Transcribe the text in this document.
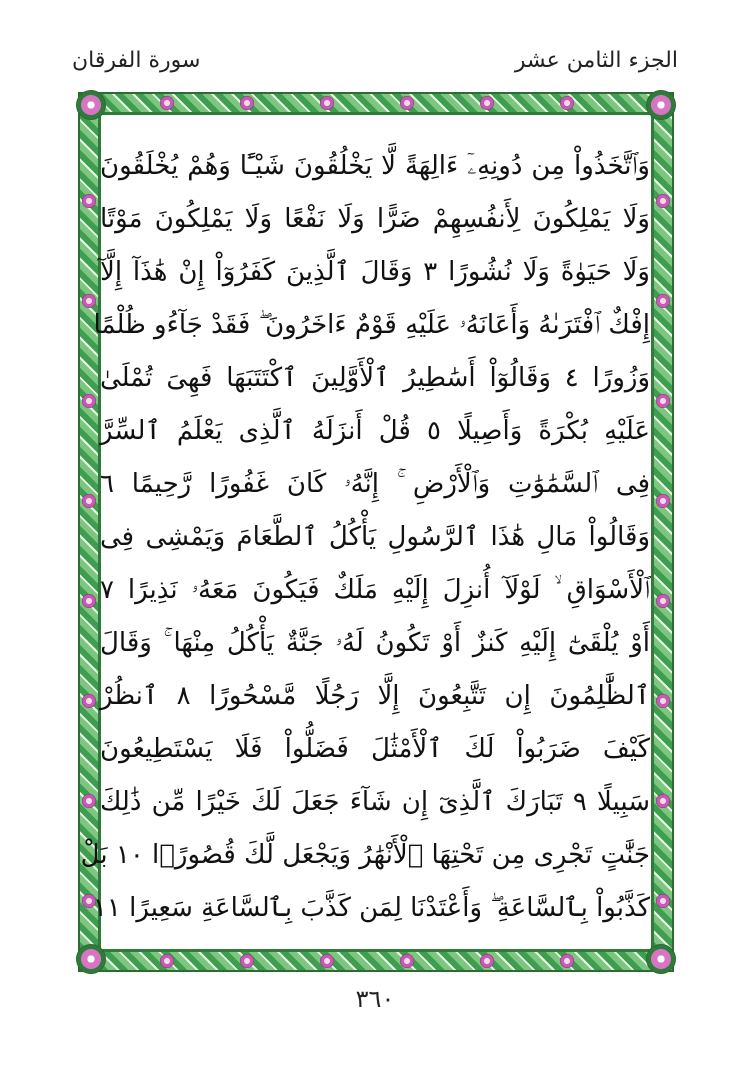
الجزء الثامن عشر
سورة الفرقان
وَٱتَّخَذُواْ مِن دُونِهِۦٓ ءَالِهَةً لَّا يَخْلُقُونَ شَيْـًٔا وَهُمْ يُخْلَقُونَ
وَلَا يَمْلِكُونَ لِأَنفُسِهِمْ ضَرًّا وَلَا نَفْعًا وَلَا يَمْلِكُونَ مَوْتًا
وَلَا حَيَوٰةً وَلَا نُشُورًا ٣ وَقَالَ ٱلَّذِينَ كَفَرُوٓاْ إِنْ هَٰذَآ إِلَّآ
إِفْكٌ ٱفْتَرَىٰهُ وَأَعَانَهُۥ عَلَيْهِ قَوْمٌ ءَاخَرُونَ ۖ فَقَدْ جَآءُو ظُلْمًا
وَزُورًا ٤ وَقَالُوٓاْ أَسَٰطِيرُ ٱلْأَوَّلِينَ ٱكْتَتَبَهَا فَهِىَ تُمْلَىٰ
عَلَيْهِ بُكْرَةً وَأَصِيلًا ٥ قُلْ أَنزَلَهُ ٱلَّذِى يَعْلَمُ ٱلسِّرَّ
فِى ٱلسَّمَٰوَٰتِ وَٱلْأَرْضِ ۚ إِنَّهُۥ كَانَ غَفُورًا رَّحِيمًا ٦
وَقَالُواْ مَالِ هَٰذَا ٱلرَّسُولِ يَأْكُلُ ٱلطَّعَامَ وَيَمْشِى فِى
ٱلْأَسْوَاقِ ۙ لَوْلَآ أُنزِلَ إِلَيْهِ مَلَكٌ فَيَكُونَ مَعَهُۥ نَذِيرًا ٧
أَوْ يُلْقَىٰٓ إِلَيْهِ كَنزٌ أَوْ تَكُونُ لَهُۥ جَنَّةٌ يَأْكُلُ مِنْهَا ۚ وَقَالَ
ٱلظَّٰلِمُونَ إِن تَتَّبِعُونَ إِلَّا رَجُلًا مَّسْحُورًا ٨ ٱنظُرْ
كَيْفَ ضَرَبُواْ لَكَ ٱلْأَمْثَٰلَ فَضَلُّواْ فَلَا يَسْتَطِيعُونَ
سَبِيلًا ٩ تَبَارَكَ ٱلَّذِىٓ إِن شَآءَ جَعَلَ لَكَ خَيْرًا مِّن ذَٰلِكَ
جَنَّٰتٍ تَجْرِى مِن تَحْتِهَا ٱلْأَنْهَٰرُ وَيَجْعَل لَّكَ قُصُورًۢا ١٠ بَلْ
كَذَّبُواْ بِٱلسَّاعَةِ ۖ وَأَعْتَدْنَا لِمَن كَذَّبَ بِٱلسَّاعَةِ سَعِيرًا ١١
٣٦٠
